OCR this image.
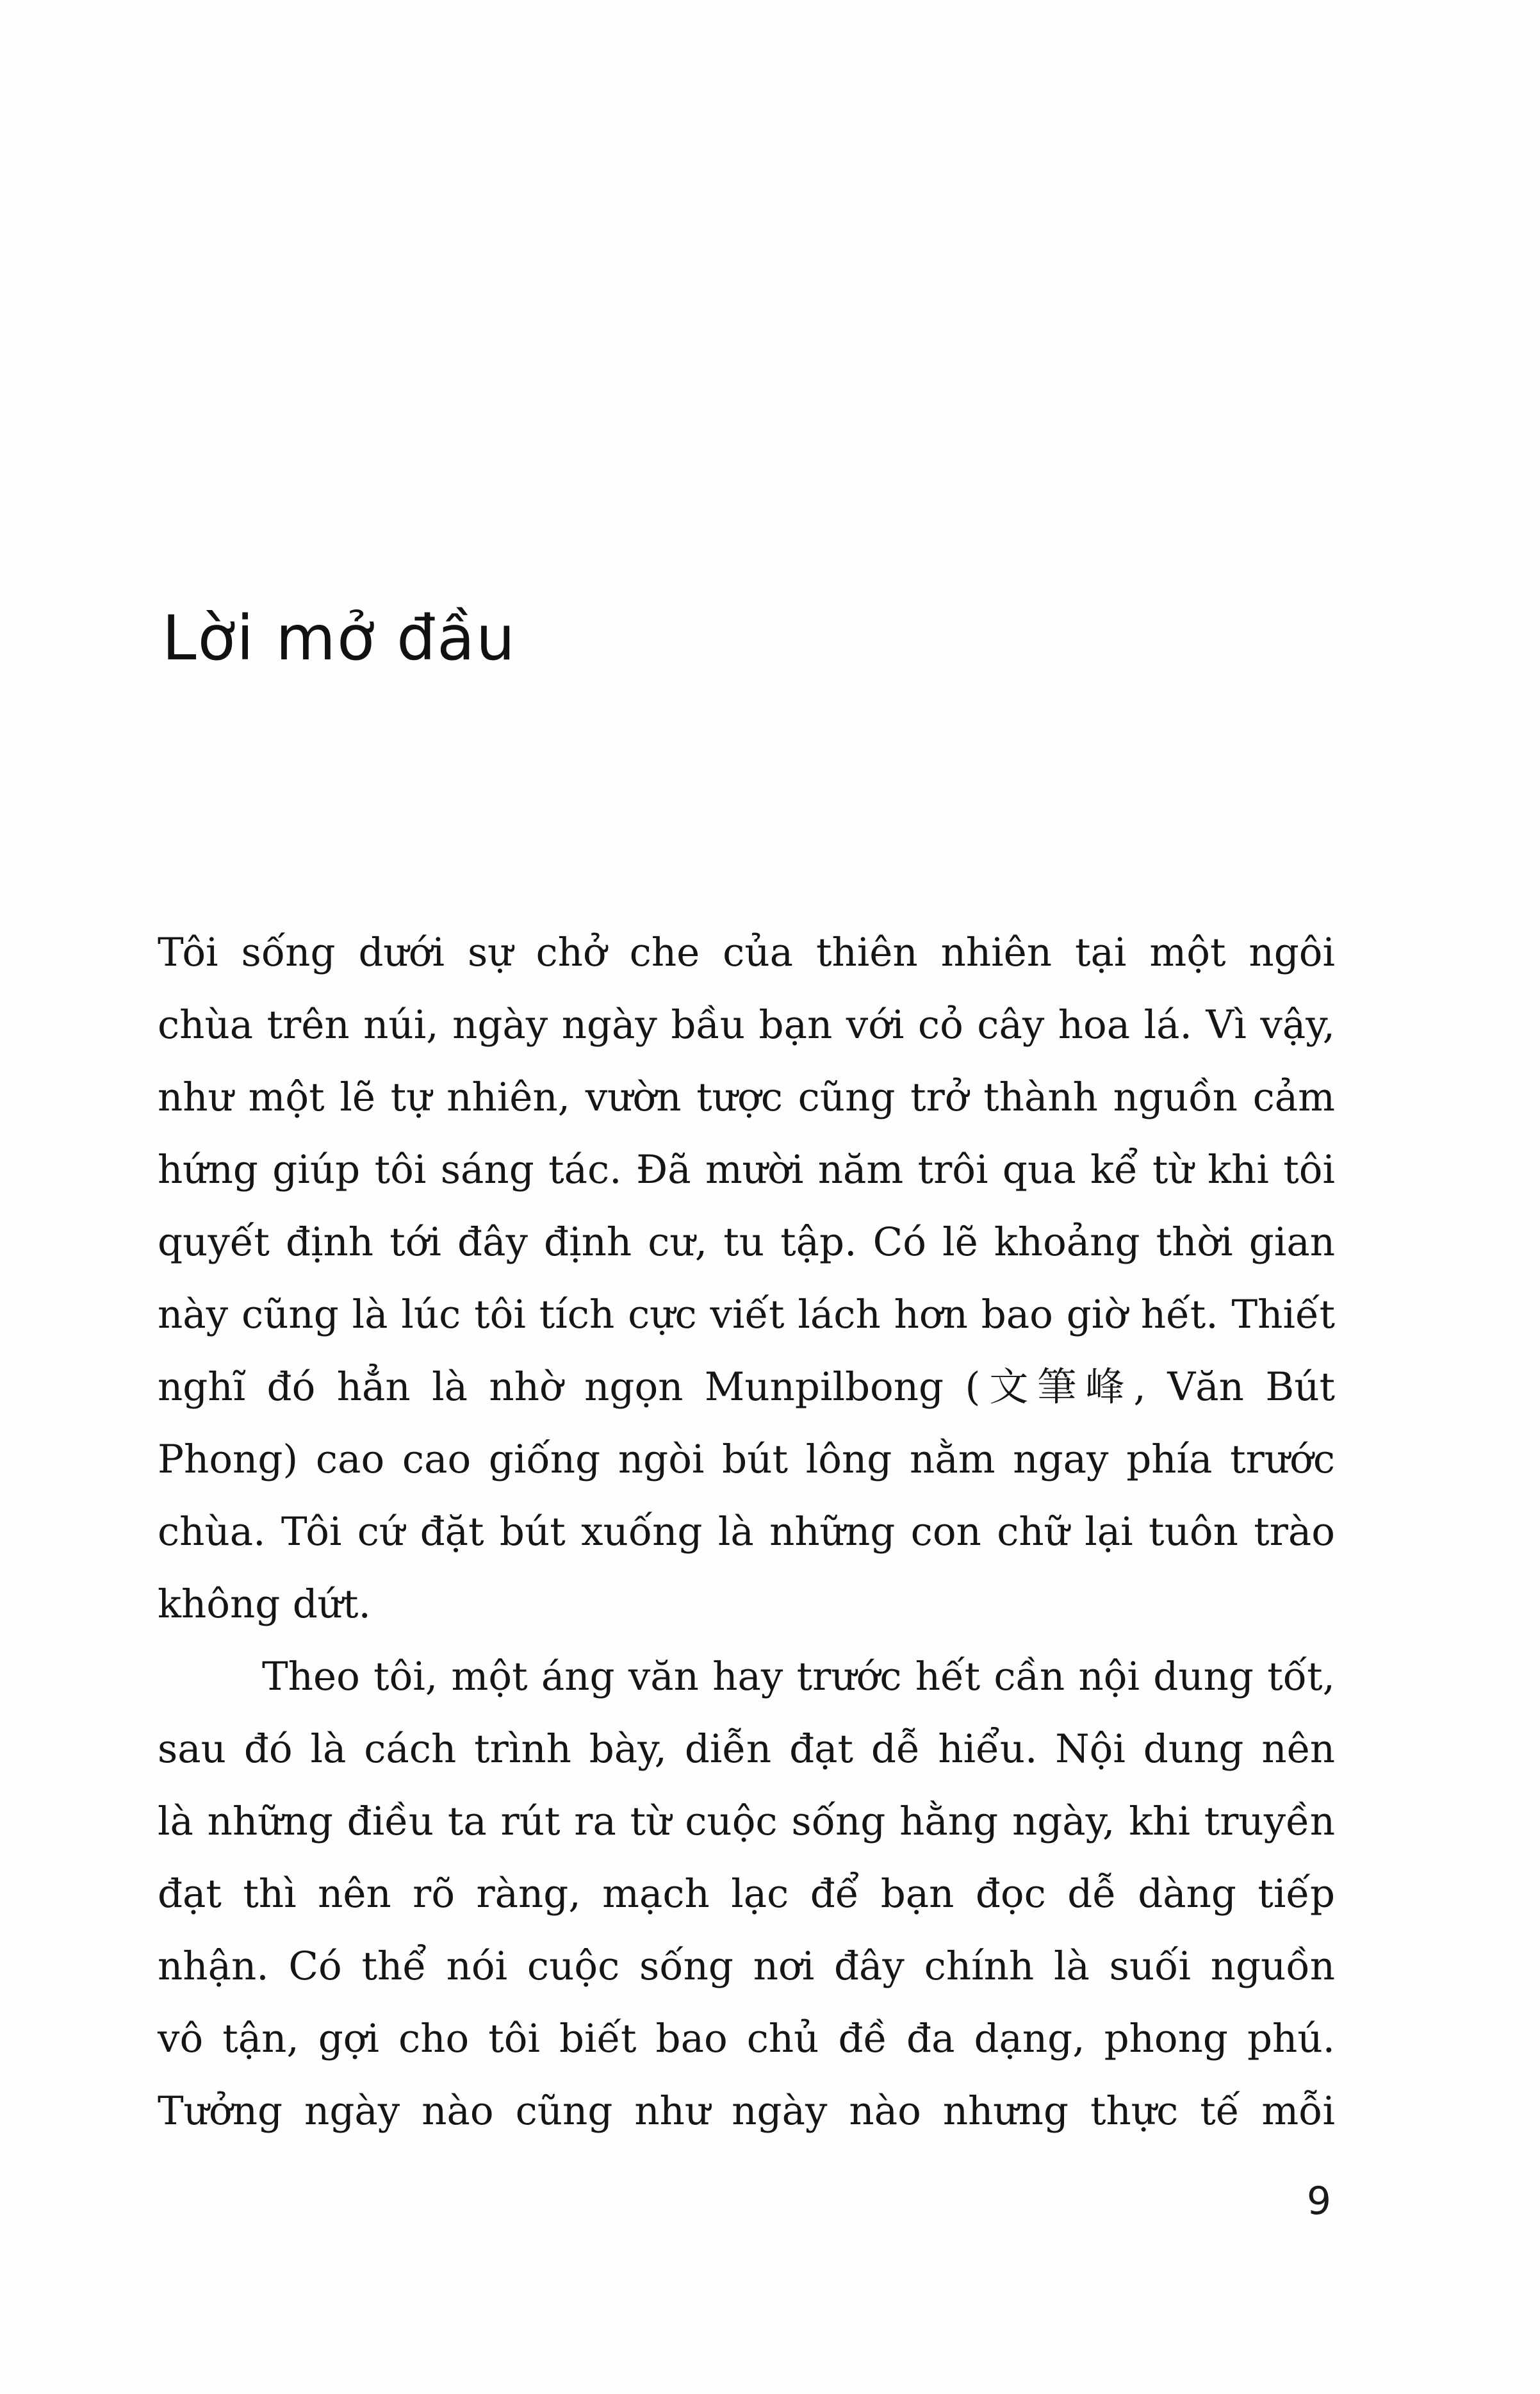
Lời mở đầu
Tôi sống dưới sự chở che của thiên nhiên tại một ngôi
chùa trên núi, ngày ngày bầu bạn với cỏ cây hoa lá. Vì vậy,
như một lẽ tự nhiên, vườn tược cũng trở thành nguồn cảm
hứng giúp tôi sáng tác. Đã mười năm trôi qua kể từ khi tôi
quyết định tới đây định cư, tu tập. Có lẽ khoảng thời gian
này cũng là lúc tôi tích cực viết lách hơn bao giờ hết. Thiết
nghĩ đó hẳn là nhờ ngọn Munpilbong (文筆峰, Văn Bút
Phong) cao cao giống ngòi bút lông nằm ngay phía trước
chùa. Tôi cứ đặt bút xuống là những con chữ lại tuôn trào
không dứt.
Theo tôi, một áng văn hay trước hết cần nội dung tốt,
sau đó là cách trình bày, diễn đạt dễ hiểu. Nội dung nên
là những điều ta rút ra từ cuộc sống hằng ngày, khi truyền
đạt thì nên rõ ràng, mạch lạc để bạn đọc dễ dàng tiếp
nhận. Có thể nói cuộc sống nơi đây chính là suối nguồn
vô tận, gợi cho tôi biết bao chủ đề đa dạng, phong phú.
Tưởng ngày nào cũng như ngày nào nhưng thực tế mỗi
9
